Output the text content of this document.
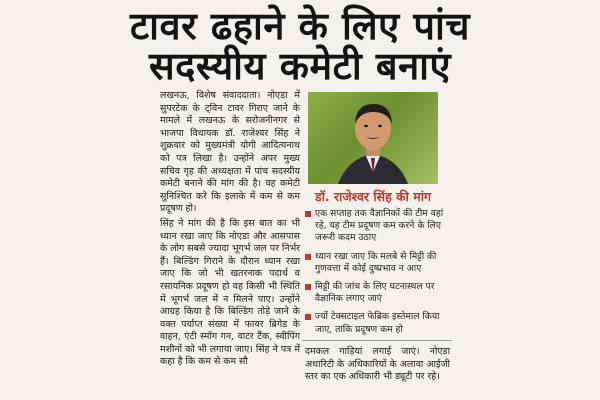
टावर ढहाने के लिए पांच
सदस्यीय कमेटी बनाएं

लखनऊ, विशेष संवाददाता। नोएडा में सुपरटेक के ट्विन टावर गिराए जाने के मामले में लखनऊ के सरोजनीनगर से भाजपा विधायक डॉ. राजेश्वर सिंह ने शुक्रवार को मुख्यमंत्री योगी आदित्यनाथ को पत्र लिखा है। उन्होंने अपर मुख्य सचिव गृह की अध्यक्षता में पांच सदस्यीय कमेटी बनाने की मांग की है। वह कमेटी सुनिश्चित करे कि इलाके में कम से कम प्रदूषण हो।

सिंह ने मांग की है कि इस बात का भी ध्यान रखा जाए कि नोएडा और आसपास के लोग सबसे ज्यादा भूगर्भ जल पर निर्भर हैं। बिल्डिंग गिराने के दौरान ध्यान रखा जाए कि जो भी खतरनाक पदार्थ व रसायनिक प्रदूषण हो वह किसी भी स्थिति में भूगर्भ जल में न मिलने पाए। उन्होंने आग्रह किया है कि बिल्डिंग तोड़े जाने के वक्त पर्याप्त संख्या में फायर ब्रिगेड के वाहन, एंटी स्मॉग गन, वाटर टैंक, स्वीपिंग मशीनों को भी लगाया जाए। सिंह ने पत्र में कहा है कि कम से कम सौ

डॉ. राजेश्वर सिंह की मांग
एक सप्ताह तक वैज्ञानिकों की टीम वहां रहे, यह टीम प्रदूषण कम करने के लिए जरूरी कदम उठाए
ध्यान रखा जाए कि मलबे से मिट्टी की गुणवत्ता में कोई दुष्प्रभाव न आए
मिट्टी की जांच के लिए घटनास्थल पर वैज्ञानिक लगाए जाएं
ज्यों टेक्सटाइल फेब्रिक इस्तेमाल किया जाए, ताकि प्रदूषण कम हो
दमकल गाड़ियां लगाई जाएं। नोएडा अथारिटी के अधिकारियों के अलावा आईजी स्तर का एक अधिकारी भी ड्यूटी पर रहे।
